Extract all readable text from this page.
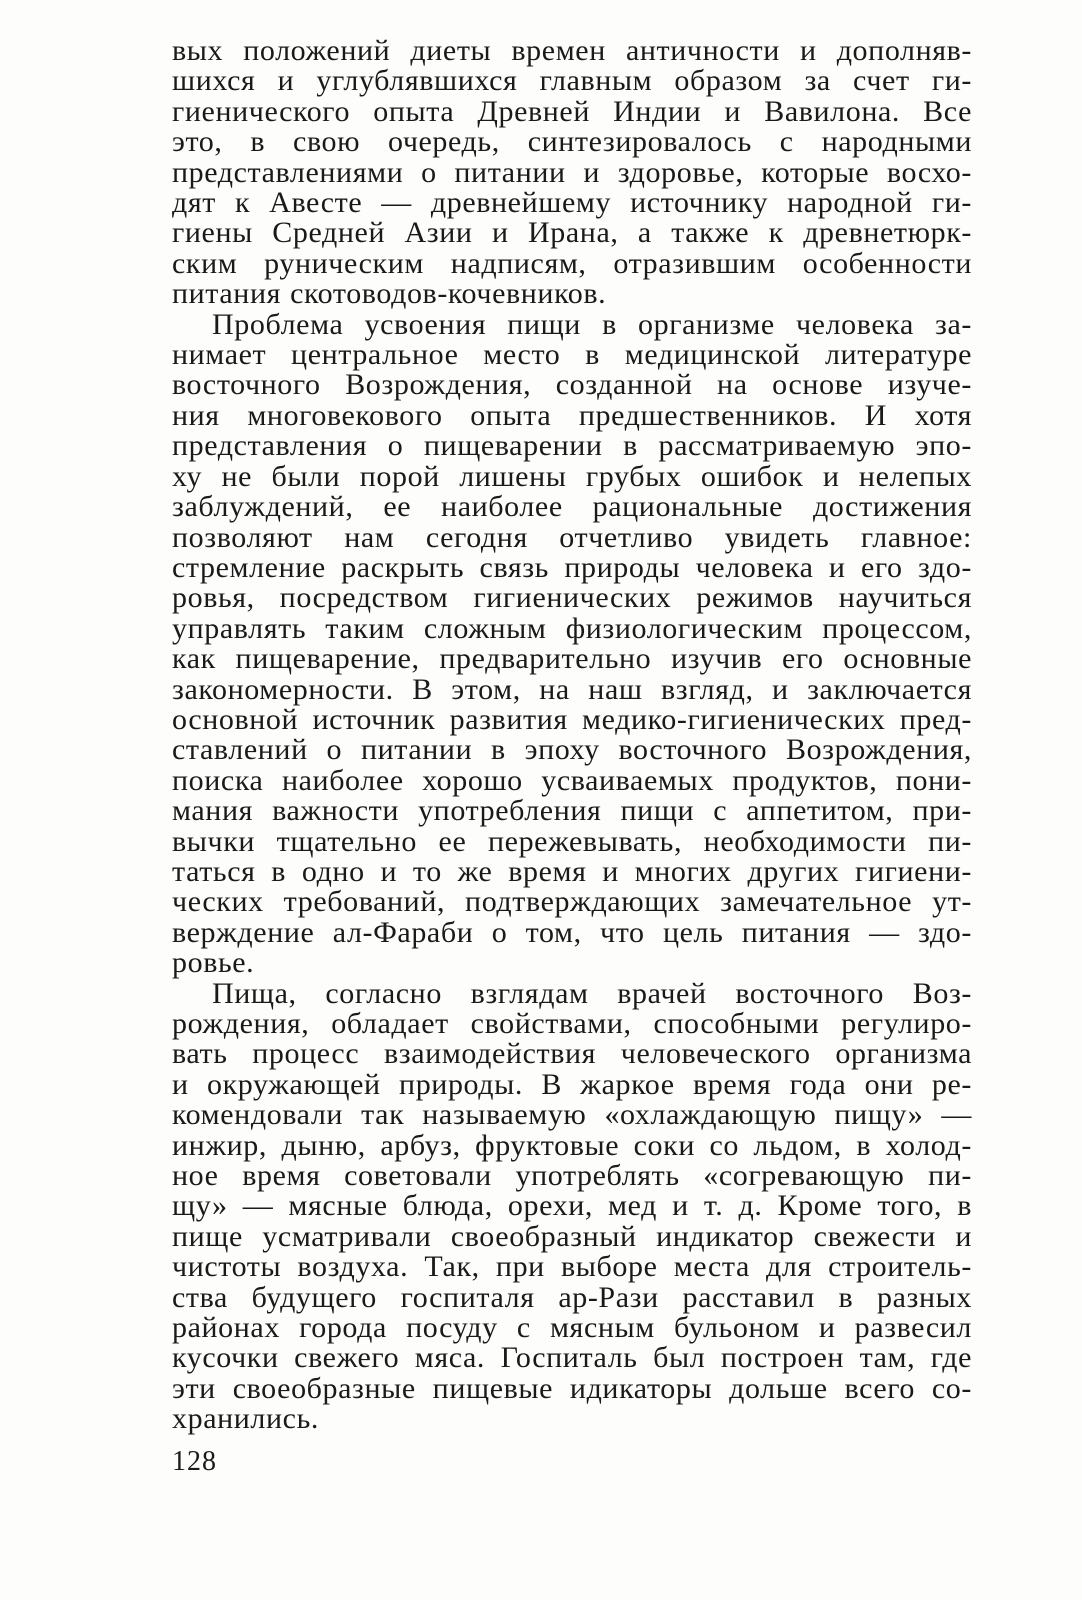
вых положений диеты времен античности и дополняв-
шихся и углублявшихся главным образом за счет ги-
гиенического опыта Древней Индии и Вавилона. Все
это, в свою очередь, синтезировалось с народными
представлениями о питании и здоровье, которые восхо-
дят к Авесте — древнейшему источнику народной ги-
гиены Средней Азии и Ирана, а также к древнетюрк-
ским руническим надписям, отразившим особенности
питания скотоводов-кочевников.

Проблема усвоения пищи в организме человека за-
нимает центральное место в медицинской литературе
восточного Возрождения, созданной на основе изуче-
ния многовекового опыта предшественников. И хотя
представления о пищеварении в рассматриваемую эпо-
ху не были порой лишены грубых ошибок и нелепых
заблуждений, ее наиболее рациональные достижения
позволяют нам сегодня отчетливо увидеть главное:
стремление раскрыть связь природы человека и его здо-
ровья, посредством гигиенических режимов научиться
управлять таким сложным физиологическим процессом,
как пищеварение, предварительно изучив его основные
закономерности. В этом, на наш взгляд, и заключается
основной источник развития медико-гигиенических пред-
ставлений о питании в эпоху восточного Возрождения,
поиска наиболее хорошо усваиваемых продуктов, пони-
мания важности употребления пищи с аппетитом, при-
вычки тщательно ее пережевывать, необходимости пи-
таться в одно и то же время и многих других гигиени-
ческих требований, подтверждающих замечательное ут-
верждение ал-Фараби о том, что цель питания — здо-
ровье.

Пища, согласно взглядам врачей восточного Воз-
рождения, обладает свойствами, способными регулиро-
вать процесс взаимодействия человеческого организма
и окружающей природы. В жаркое время года они ре-
комендовали так называемую «охлаждающую пищу» —
инжир, дыню, арбуз, фруктовые соки со льдом, в холод-
ное время советовали употреблять «согревающую пи-
щу» — мясные блюда, орехи, мед и т. д. Кроме того, в
пище усматривали своеобразный индикатор свежести и
чистоты воздуха. Так, при выборе места для строитель-
ства будущего госпиталя ар-Рази расставил в разных
районах города посуду с мясным бульоном и развесил
кусочки свежего мяса. Госпиталь был построен там, где
эти своеобразные пищевые идикаторы дольше всего со-
хранились.

128
